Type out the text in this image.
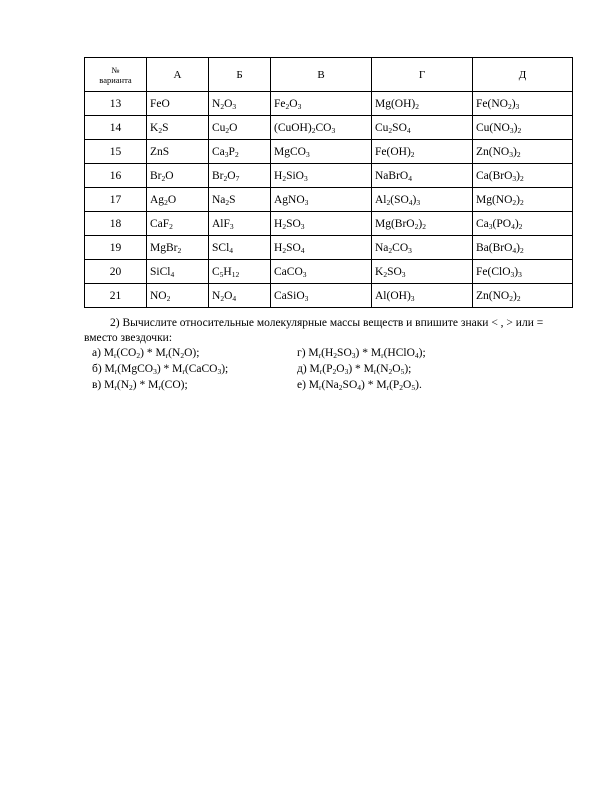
№
варианта	А	Б	В	Г	Д
13	FeO	$N_2O_3$	$Fe_2O_3$	$Mg(OH)_2$	$Fe(NO_2)_3$
14	$K_2S$	$Cu_2O$	$(CuOH)_2CO_3$	$Cu_2SO_4$	$Cu(NO_3)_2$
15	ZnS	$Ca_3P_2$	MgCO$_3$	$Fe(OH)_2$	$Zn(NO_3)_2$
16	$Br_2O$	$Br_2O_7$	$H_2SiO_3$	NaBrO$_4$	$Ca(BrO_3)_2$
17	$Ag_2O$	$Na_2S$	AgNO$_3$	$Al_2(SO_4)_3$	$Mg(NO_2)_2$
18	CaF$_2$	AlF$_3$	$H_2SO_3$	$Mg(BrO_2)_2$	$Ca_3(PO_4)_2$
19	MgBr$_2$	SCl$_4$	$H_2SO_4$	$Na_2CO_3$	$Ba(BrO_4)_2$
20	SiCl$_4$	$C_5H_{12}$	CaCO$_3$	$K_2SO_3$	$Fe(ClO_3)_3$
21	$NO_2$	$N_2O_4$	CaSiO$_3$	$Al(OH)_3$	$Zn(NO_2)_2$

2) Вычислите относительные молекулярные массы веществ и впишите знаки < , > или = вместо звездочки:

а) $M_r(CO_2) * M_r(N_2O)$;	г) $M_r(H_2SO_3)$ * $M_r(HClO_4)$;
б) $M_r(MgCO_3)$ * $M_r(CaCO_3)$;	д) $M_r(P_2O_3) * M_r(N_2O_5)$;
в) $M_r(N_2) * M_r(CO)$;	е) $M_r(Na_2SO_4) * M_r(P_2O_5)$.
